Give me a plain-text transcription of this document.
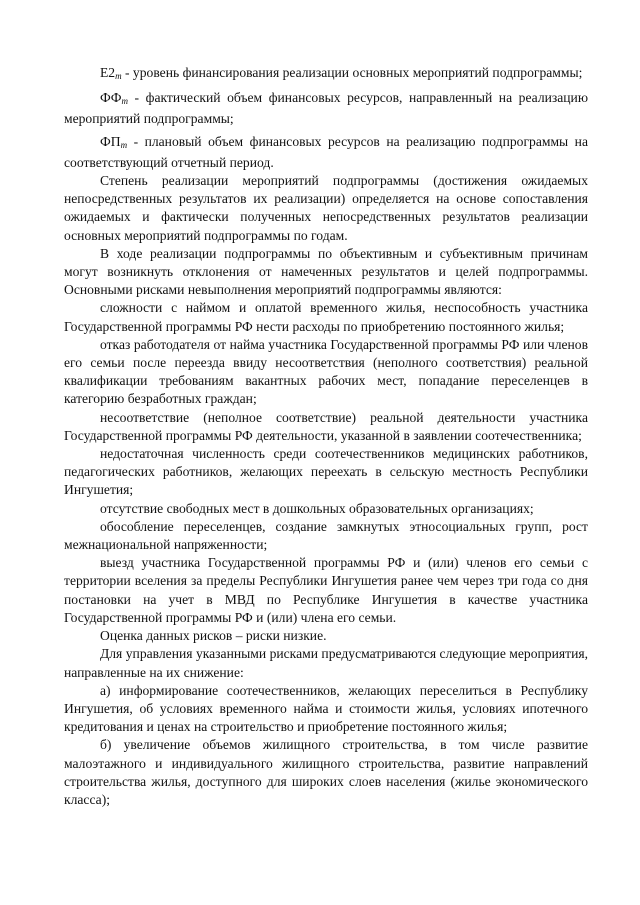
$Е2_m$ - уровень финансирования реализации основных мероприятий подпрограммы;

$ФФ_m$ - фактический объем финансовых ресурсов, направленный на реализацию мероприятий подпрограммы;

$ФП_m$ - плановый объем финансовых ресурсов на реализацию подпрограммы на соответствующий отчетный период.

Степень реализации мероприятий подпрограммы (достижения ожидаемых непосредственных результатов их реализации) определяется на основе сопоставления ожидаемых и фактически полученных непосредственных результатов реализации основных мероприятий подпрограммы по годам.

В ходе реализации подпрограммы по объективным и субъективным причинам могут возникнуть отклонения от намеченных результатов и целей подпрограммы. Основными рисками невыполнения мероприятий подпрограммы являются:

сложности с наймом и оплатой временного жилья, неспособность участника Государственной программы РФ нести расходы по приобретению постоянного жилья;

отказ работодателя от найма участника Государственной программы РФ или членов его семьи после переезда ввиду несоответствия (неполного соответствия) реальной квалификации требованиям вакантных рабочих мест, попадание переселенцев в категорию безработных граждан;

несоответствие (неполное соответствие) реальной деятельности участника Государственной программы РФ деятельности, указанной в заявлении соотечественника;

недостаточная численность среди соотечественников медицинских работников, педагогических работников, желающих переехать в сельскую местность Республики Ингушетия;

отсутствие свободных мест в дошкольных образовательных организациях;

обособление переселенцев, создание замкнутых этносоциальных групп, рост межнациональной напряженности;

выезд участника Государственной программы РФ и (или) членов его семьи с территории вселения за пределы Республики Ингушетия ранее чем через три года со дня постановки на учет в МВД по Республике Ингушетия в качестве участника Государственной программы РФ и (или) члена его семьи.

Оценка данных рисков – риски низкие.

Для управления указанными рисками предусматриваются следующие мероприятия, направленные на их снижение:

а) информирование соотечественников, желающих переселиться в Республику Ингушетия, об условиях временного найма и стоимости жилья, условиях ипотечного кредитования и ценах на строительство и приобретение постоянного жилья;

б) увеличение объемов жилищного строительства, в том числе развитие малоэтажного и индивидуального жилищного строительства, развитие направлений строительства жилья, доступного для широких слоев населения (жилье экономического класса);
